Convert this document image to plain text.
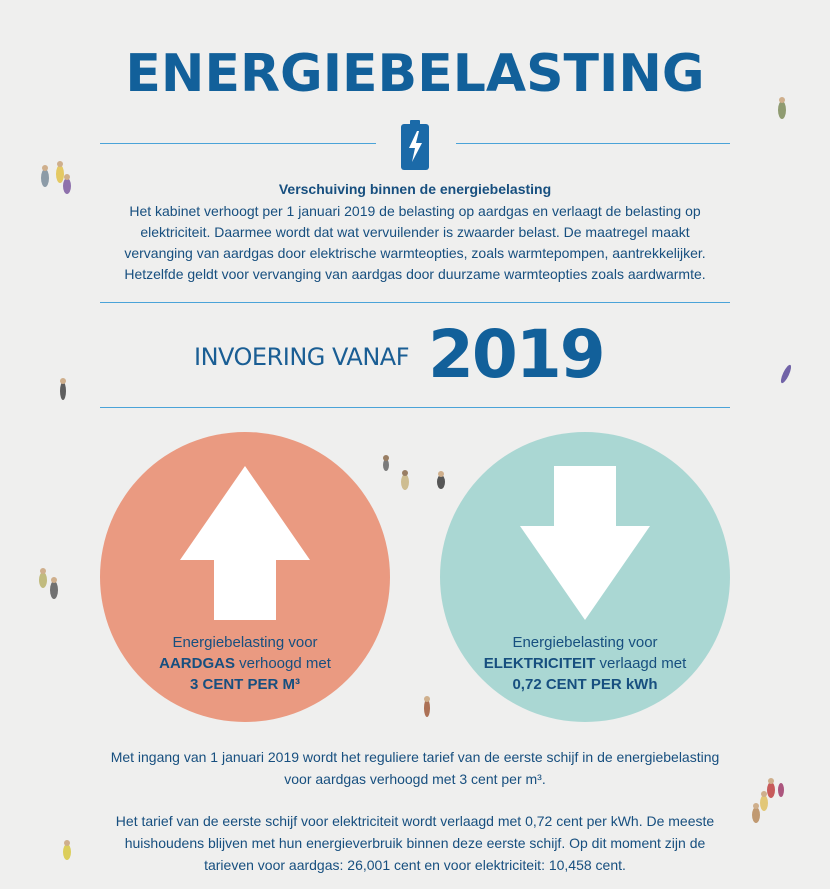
ENERGIEBELASTING
Verschuiving binnen de energiebelasting
Het kabinet verhoogt per 1 januari 2019 de belasting op aardgas en verlaagt de belasting op elektriciteit. Daarmee wordt dat wat vervuilender is zwaarder belast. De maatregel maakt vervanging van aardgas door elektrische warmteopties, zoals warmtepompen, aantrekkelijker. Hetzelfde geldt voor vervanging van aardgas door duurzame warmteopties zoals aardwarmte.
INVOERING VANAF 2019
Energiebelasting voor
AARDGAS verhoogd met
3 CENT PER M³
Energiebelasting voor
ELEKTRICITEIT verlaagd met
0,72 CENT PER kWh
Met ingang van 1 januari 2019 wordt het reguliere tarief van de eerste schijf in de energiebelasting voor aardgas verhoogd met 3 cent per m³.
Het tarief van de eerste schijf voor elektriciteit wordt verlaagd met 0,72 cent per kWh. De meeste huishoudens blijven met hun energieverbruik binnen deze eerste schijf. Op dit moment zijn de tarieven voor aardgas: 26,001 cent en voor elektriciteit: 10,458 cent.
